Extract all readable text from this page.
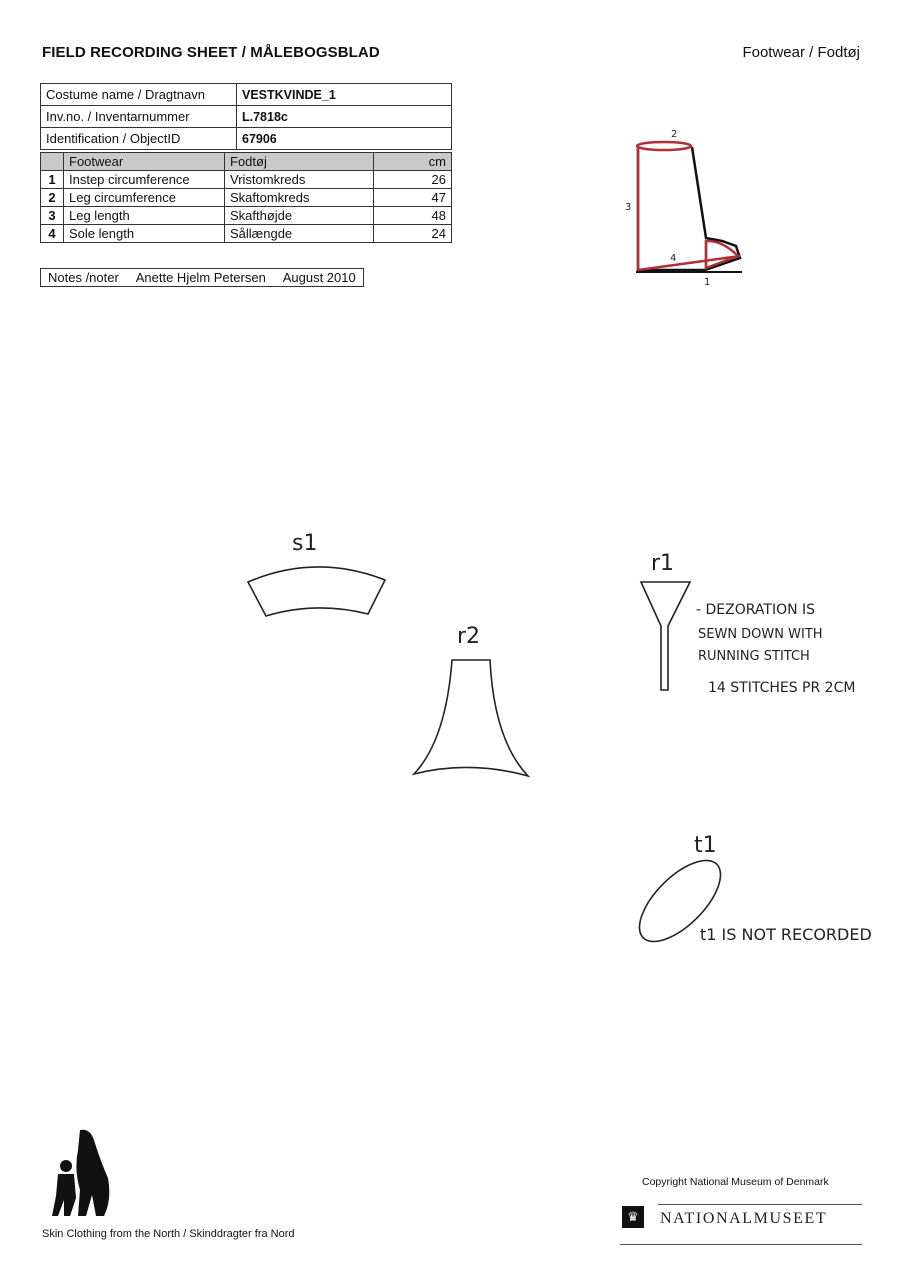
FIELD RECORDING SHEET / MÅLEBOGSBLAD	Footwear / Fodtøj
Costume name / Dragtnavn	VESTKVINDE_1
Inv.no. / Inventarnummer	L.7818c
Identification / ObjectID	67906
	Footwear	Fodtøj	cm
1	Instep circumference	Vristomkreds	26
2	Leg circumference	Skaftomkreds	47
3	Leg length	Skafthøjde	48
4	Sole length	Sållængde	24
Notes /noter Anette Hjelm Petersen August 2010
2
3
4
1
s1
r2
r1
- DEZORATION IS
SEWN DOWN WITH
RUNNING STITCH
14 STITCHES PR 2CM
t1
t1 IS NOT RECORDED
Skin Clothing from the North / Skinddragter fra Nord
Copyright National Museum of Denmark
♛	NATIONALMUSEET
